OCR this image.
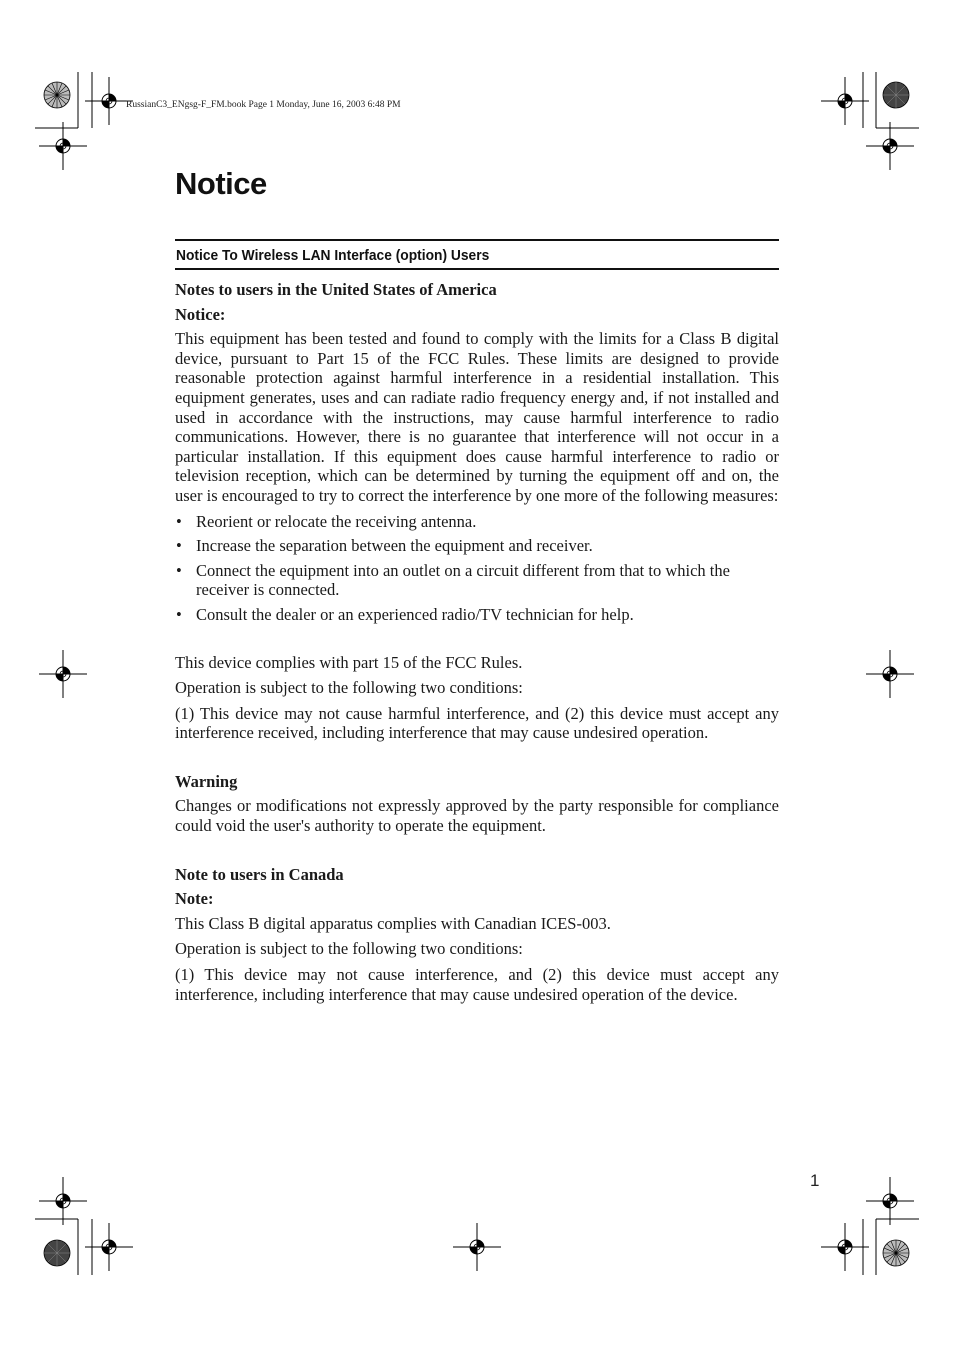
RussianC3_ENgsg-F_FM.book Page 1 Monday, June 16, 2003 6:48 PM
Notice
Notice To Wireless LAN Interface (option) Users

Notes to users in the United States of America

Notice:

This equipment has been tested and found to comply with the limits for a Class B digital device, pursuant to Part 15 of the FCC Rules. These limits are designed to provide reasonable protection against harmful interference in a residential installation. This equipment generates, uses and can radiate radio frequency energy and, if not installed and used in accordance with the instructions, may cause harmful interference to radio communications. However, there is no guarantee that interference will not occur in a particular installation. If this equipment does cause harmful interference to radio or television reception, which can be determined by turning the equipment off and on, the user is encouraged to try to correct the interference by one more of the following measures:

• Reorient or relocate the receiving antenna.
• Increase the separation between the equipment and receiver.
• Connect the equipment into an outlet on a circuit different from that to which the receiver is connected.
• Consult the dealer or an experienced radio/TV technician for help.

This device complies with part 15 of the FCC Rules.

Operation is subject to the following two conditions:

(1) This device may not cause harmful interference, and (2) this device must accept any interference received, including interference that may cause undesired operation.

Warning

Changes or modifications not expressly approved by the party responsible for compliance could void the user's authority to operate the equipment.

Note to users in Canada

Note:

This Class B digital apparatus complies with Canadian ICES-003.

Operation is subject to the following two conditions:

(1) This device may not cause interference, and (2) this device must accept any interference, including interference that may cause undesired operation of the device.

1
